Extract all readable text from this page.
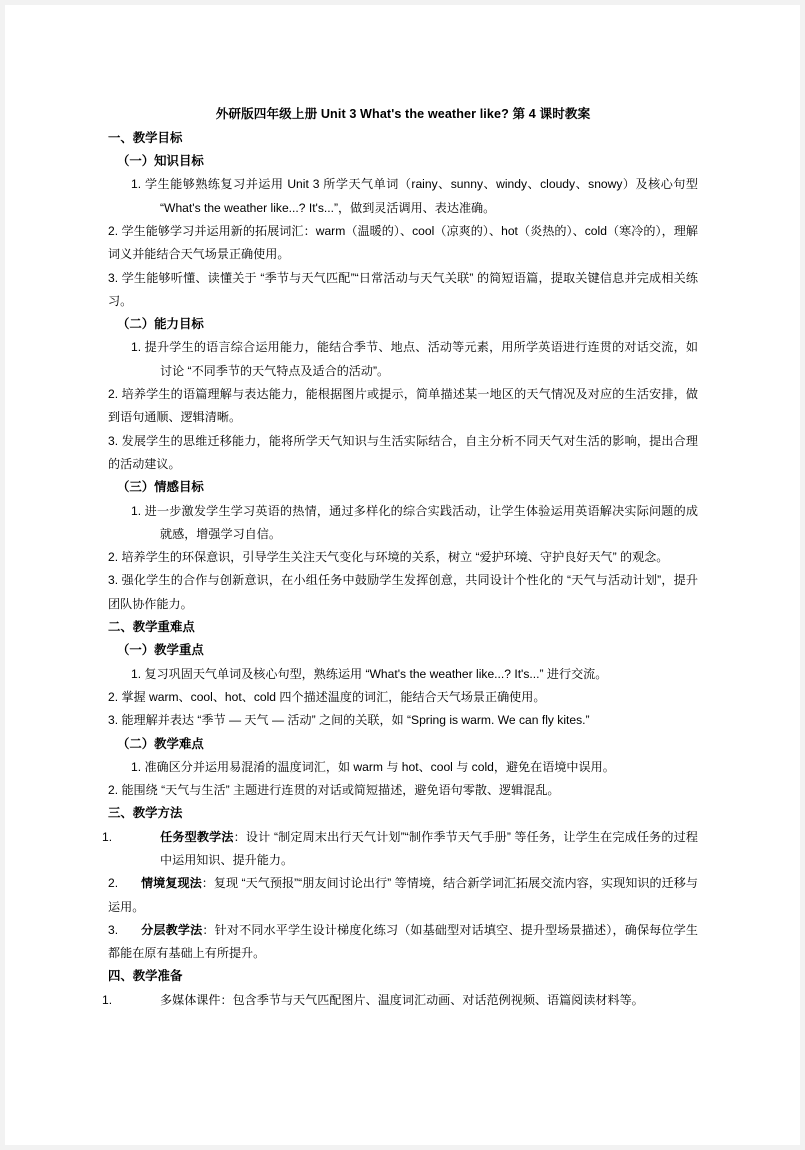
外研版四年级上册 Unit 3 What's the weather like? 第 4 课时教案

一、教学目标

（一）知识目标

1. 学生能够熟练复习并运用 Unit 3 所学天气单词（rainy、sunny、windy、cloudy、snowy）及核心句型 “What's the weather like...? It's...”，做到灵活调用、表达准确。

2. 学生能够学习并运用新的拓展词汇：warm（温暖的）、cool（凉爽的）、hot（炎热的）、cold（寒冷的），理解词义并能结合天气场景正确使用。

3. 学生能够听懂、读懂关于 “季节与天气匹配”“日常活动与天气关联” 的简短语篇，提取关键信息并完成相关练习。

（二）能力目标

1. 提升学生的语言综合运用能力，能结合季节、地点、活动等元素，用所学英语进行连贯的对话交流，如讨论 “不同季节的天气特点及适合的活动”。

2. 培养学生的语篇理解与表达能力，能根据图片或提示，简单描述某一地区的天气情况及对应的生活安排，做到语句通顺、逻辑清晰。

3. 发展学生的思维迁移能力，能将所学天气知识与生活实际结合，自主分析不同天气对生活的影响，提出合理的活动建议。

（三）情感目标

1. 进一步激发学生学习英语的热情，通过多样化的综合实践活动，让学生体验运用英语解决实际问题的成就感，增强学习自信。

2. 培养学生的环保意识，引导学生关注天气变化与环境的关系，树立 “爱护环境、守护良好天气” 的观念。

3. 强化学生的合作与创新意识，在小组任务中鼓励学生发挥创意，共同设计个性化的 “天气与活动计划”，提升团队协作能力。

二、教学重难点

（一）教学重点

1. 复习巩固天气单词及核心句型，熟练运用 “What's the weather like...? It's...” 进行交流。

2. 掌握 warm、cool、hot、cold 四个描述温度的词汇，能结合天气场景正确使用。

3. 能理解并表达 “季节 — 天气 — 活动” 之间的关联，如 “Spring is warm. We can fly kites.”

（二）教学难点

1. 准确区分并运用易混淆的温度词汇，如 warm 与 hot、cool 与 cold，避免在语境中误用。

2. 能围绕 “天气与生活” 主题进行连贯的对话或简短描述，避免语句零散、逻辑混乱。

三、教学方法

1.	任务型教学法：设计 “制定周末出行天气计划”“制作季节天气手册” 等任务，让学生在完成任务的过程中运用知识、提升能力。

2. 情境复现法：复现 “天气预报”“朋友间讨论出行” 等情境，结合新学词汇拓展交流内容，实现知识的迁移与运用。

3. 分层教学法：针对不同水平学生设计梯度化练习（如基础型对话填空、提升型场景描述），确保每位学生都能在原有基础上有所提升。

四、教学准备

1.	多媒体课件：包含季节与天气匹配图片、温度词汇动画、对话范例视频、语篇阅读材料等。
